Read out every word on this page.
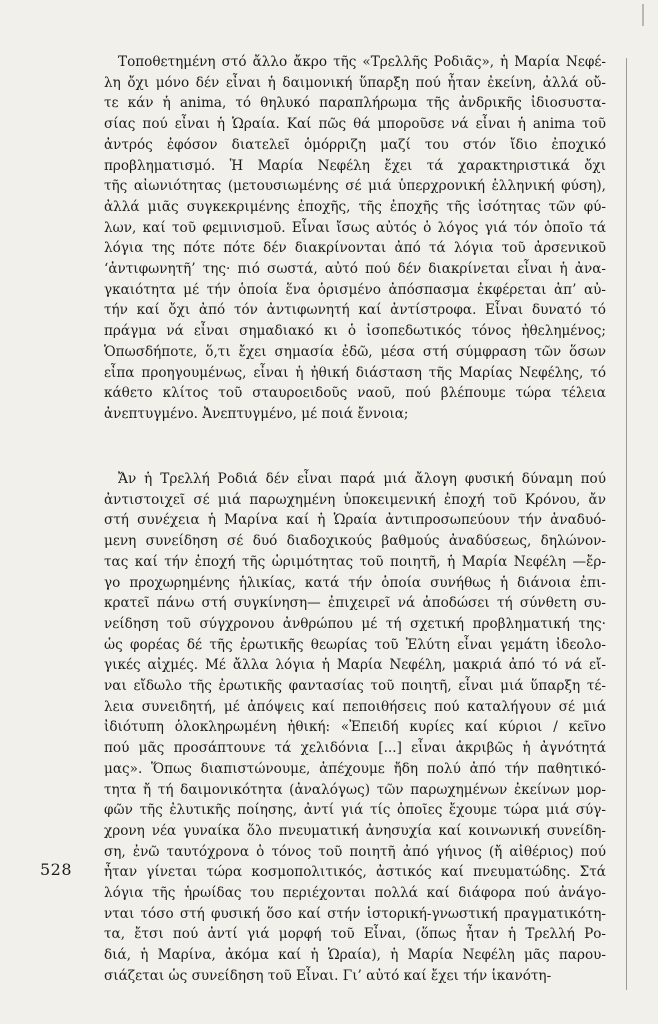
Τοποθετημένη στό ἄλλο ἄκρο τῆς «Τρελλῆς Ροδιᾶς», ἡ Μαρία Νεφέ-
λη ὄχι μόνο δέν εἶναι ἡ δαιμονική ὕπαρξη πού ἦταν ἐκείνη, ἀλλά οὔ-
τε κάν ἡ anima, τό θηλυκό παραπλήρωμα τῆς ἀνδρικῆς ἰδιοσυστα-
σίας πού εἶναι ἡ Ὡραία. Καί πῶς θά μποροῦσε νά εἶναι ἡ anima τοῦ
ἀντρός ἐφόσον διατελεῖ ὁμόρριζη μαζί του στόν ἴδιο ἐποχικό
προβληματισμό. Ἡ Μαρία Νεφέλη ἔχει τά χαρακτηριστικά ὄχι
τῆς αἰωνιότητας (μετουσιωμένης σέ μιά ὑπερχρονική ἑλληνική φύση),
ἀλλά μιᾶς συγκεκριμένης ἐποχῆς, τῆς ἐποχῆς τῆς ἰσότητας τῶν φύ-
λων, καί τοῦ φεμινισμοῦ. Εἶναι ἴσως αὐτός ὁ λόγος γιά τόν ὁποῖο τά
λόγια της πότε πότε δέν διακρίνονται ἀπό τά λόγια τοῦ ἀρσενικοῦ
‘ἀντιφωνητῆ’ της· πιό σωστά, αὐτό πού δέν διακρίνεται εἶναι ἡ ἀνα-
γκαιότητα μέ τήν ὁποία ἕνα ὁρισμένο ἀπόσπασμα ἐκφέρεται ἀπ’ αὐ-
τήν καί ὄχι ἀπό τόν ἀντιφωνητή καί ἀντίστροφα. Εἶναι δυνατό τό
πράγμα νά εἶναι σημαδιακό κι ὁ ἰσοπεδωτικός τόνος ἠθελημένος;
Ὁπωσδήποτε, ὅ,τι ἔχει σημασία ἐδῶ, μέσα στή σύμφραση τῶν ὅσων
εἶπα προηγουμένως, εἶναι ἡ ἠθική διάσταση τῆς Μαρίας Νεφέλης, τό
κάθετο κλίτος τοῦ σταυροειδοῦς ναοῦ, πού βλέπουμε τώρα τέλεια
ἀνεπτυγμένο. Ἀνεπτυγμένο, μέ ποιά ἔννοια;
Ἄν ἡ Τρελλή Ροδιά δέν εἶναι παρά μιά ἄλογη φυσική δύναμη πού
ἀντιστοιχεῖ σέ μιά παρωχημένη ὑποκειμενική ἐποχή τοῦ Κρόνου, ἄν
στή συνέχεια ἡ Μαρίνα καί ἡ Ὡραία ἀντιπροσωπεύουν τήν ἀναδυό-
μενη συνείδηση σέ δυό διαδοχικούς βαθμούς ἀναδύσεως, δηλώνον-
τας καί τήν ἐποχή τῆς ὡριμότητας τοῦ ποιητῆ, ἡ Μαρία Νεφέλη —ἔρ-
γο προχωρημένης ἡλικίας, κατά τήν ὁποία συνήθως ἡ διάνοια ἐπι-
κρατεῖ πάνω στή συγκίνηση— ἐπιχειρεῖ νά ἀποδώσει τή σύνθετη συ-
νείδηση τοῦ σύγχρονου ἀνθρώπου μέ τή σχετική προβληματική της·
ὡς φορέας δέ τῆς ἐρωτικῆς θεωρίας τοῦ Ἐλύτη εἶναι γεμάτη ἰδεολο-
γικές αἰχμές. Μέ ἄλλα λόγια ἡ Μαρία Νεφέλη, μακριά ἀπό τό νά εἴ-
ναι εἴδωλο τῆς ἐρωτικῆς φαντασίας τοῦ ποιητῆ, εἶναι μιά ὕπαρξη τέ-
λεια συνειδητή, μέ ἀπόψεις καί πεποιθήσεις πού καταλήγουν σέ μιά
ἰδιότυπη ὁλοκληρωμένη ἠθική: «Ἐπειδή κυρίες καί κύριοι / κεῖνο
πού μᾶς προσάπτουνε τά χελιδόνια [...] εἶναι ἀκριβῶς ἡ ἀγνότητά
μας». Ὅπως διαπιστώνουμε, ἀπέχουμε ἤδη πολύ ἀπό τήν παθητικό-
τητα ἤ τή δαιμονικότητα (ἀναλόγως) τῶν παρωχημένων ἐκείνων μορ-
φῶν τῆς ἐλυτικῆς ποίησης, ἀντί γιά τίς ὁποῖες ἔχουμε τώρα μιά σύγ-
χρονη νέα γυναίκα ὅλο πνευματική ἀνησυχία καί κοινωνική συνείδη-
ση, ἐνῶ ταυτόχρονα ὁ τόνος τοῦ ποιητῆ ἀπό γήινος (ἤ αἰθέριος) πού
ἦταν γίνεται τώρα κοσμοπολιτικός, ἀστικός καί πνευματώδης. Στά
λόγια τῆς ἡρωίδας του περιέχονται πολλά καί διάφορα πού ἀνάγο-
νται τόσο στή φυσική ὅσο καί στήν ἱστορική-γνωστική πραγματικότη-
τα, ἔτσι πού ἀντί γιά μορφή τοῦ Εἶναι, (ὅπως ἦταν ἡ Τρελλή Ρο-
διά, ἡ Μαρίνα, ἀκόμα καί ἡ Ὡραία), ἡ Μαρία Νεφέλη μᾶς παρου-
σιάζεται ὡς συνείδηση τοῦ Εἶναι. Γι’ αὐτό καί ἔχει τήν ἱκανότη-
528
